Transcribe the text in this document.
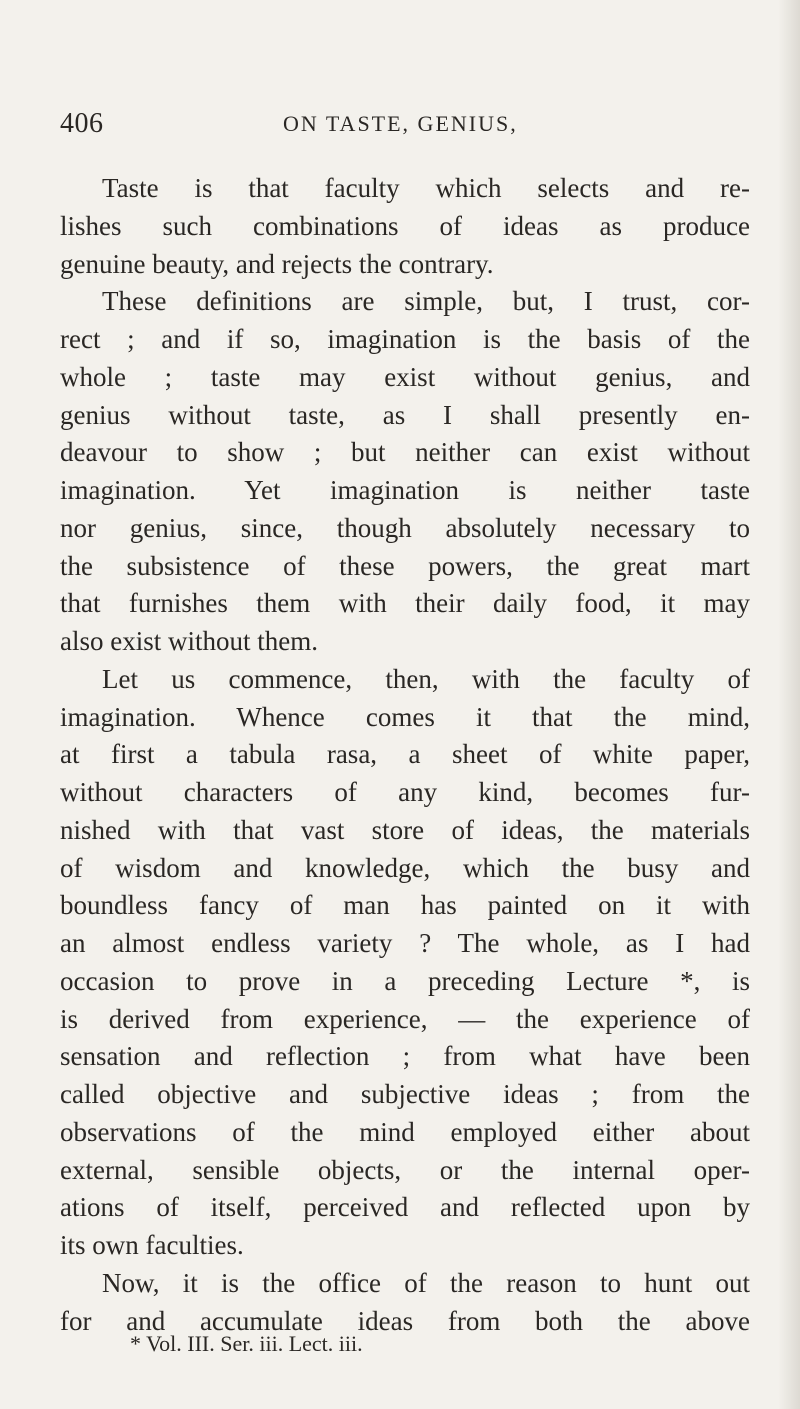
406	ON TASTE, GENIUS,
Taste is that faculty which selects and re-
lishes such combinations of ideas as produce
genuine beauty, and rejects the contrary.
These definitions are simple, but, I trust, cor-
rect ; and if so, imagination is the basis of the
whole ; taste may exist without genius, and
genius without taste, as I shall presently en-
deavour to show ; but neither can exist without
imagination. Yet imagination is neither taste
nor genius, since, though absolutely necessary to
the subsistence of these powers, the great mart
that furnishes them with their daily food, it may
also exist without them.
Let us commence, then, with the faculty of
imagination. Whence comes it that the mind,
at first a tabula rasa, a sheet of white paper,
without characters of any kind, becomes fur-
nished with that vast store of ideas, the materials
of wisdom and knowledge, which the busy and
boundless fancy of man has painted on it with
an almost endless variety ? The whole, as I had
occasion to prove in a preceding Lecture *, is
is derived from experience, — the experience of
sensation and reflection ; from what have been
called objective and subjective ideas ; from the
observations of the mind employed either about
external, sensible objects, or the internal oper-
ations of itself, perceived and reflected upon by
its own faculties.
Now, it is the office of the reason to hunt out
for and accumulate ideas from both the above
* Vol. III. Ser. iii. Lect. iii.
